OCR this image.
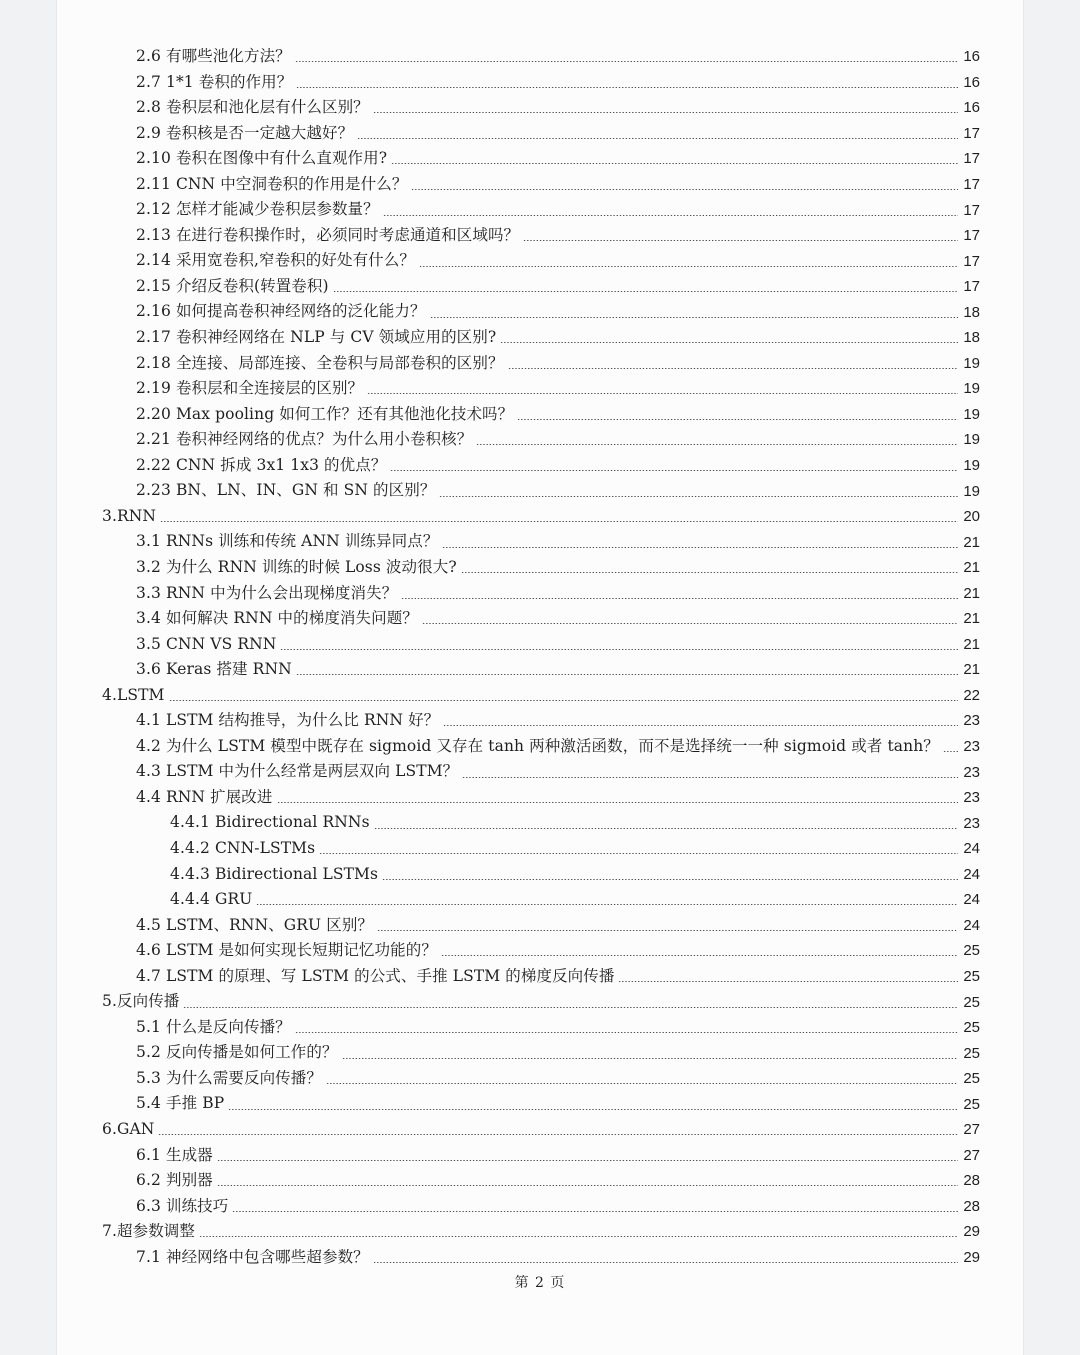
2.6 有哪些池化方法？	16
2.7 1*1 卷积的作用？	16
2.8 卷积层和池化层有什么区别？	16
2.9 卷积核是否一定越大越好？	17
2.10 卷积在图像中有什么直观作用?	17
2.11 CNN 中空洞卷积的作用是什么？	17
2.12 怎样才能减少卷积层参数量？	17
2.13 在进行卷积操作时，必须同时考虑通道和区域吗？	17
2.14 采用宽卷积,窄卷积的好处有什么？	17
2.15 介绍反卷积(转置卷积)	17
2.16 如何提高卷积神经网络的泛化能力？	18
2.17 卷积神经网络在 NLP 与 CV 领域应用的区别?	18
2.18 全连接、局部连接、全卷积与局部卷积的区别？	19
2.19 卷积层和全连接层的区别？	19
2.20 Max pooling 如何工作？还有其他池化技术吗？	19
2.21 卷积神经网络的优点？为什么用小卷积核？	19
2.22 CNN 拆成 3x1 1x3 的优点？	19
2.23 BN、LN、IN、GN 和 SN 的区别？	19
3.RNN	20
3.1 RNNs 训练和传统 ANN 训练异同点？	21
3.2 为什么 RNN 训练的时候 Loss 波动很大?	21
3.3 RNN 中为什么会出现梯度消失？	21
3.4 如何解决 RNN 中的梯度消失问题？	21
3.5 CNN VS RNN	21
3.6 Keras 搭建 RNN	21
4.LSTM	22
4.1 LSTM 结构推导，为什么比 RNN 好？	23
4.2 为什么 LSTM 模型中既存在 sigmoid 又存在 tanh 两种激活函数，而不是选择统一一种 sigmoid 或者 tanh？ 23
4.3 LSTM 中为什么经常是两层双向 LSTM？	23
4.4 RNN 扩展改进	23
4.4.1 Bidirectional RNNs	23
4.4.2 CNN-LSTMs	24
4.4.3 Bidirectional LSTMs	24
4.4.4 GRU	24
4.5 LSTM、RNN、GRU 区别？	24
4.6 LSTM 是如何实现长短期记忆功能的？	25
4.7 LSTM 的原理、写 LSTM 的公式、手推 LSTM 的梯度反向传播	25
5.反向传播	25
5.1 什么是反向传播？	25
5.2 反向传播是如何工作的？	25
5.3 为什么需要反向传播？	25
5.4 手推 BP	25
6.GAN	27
6.1 生成器	27
6.2 判别器	28
6.3 训练技巧	28
7.超参数调整	29
7.1 神经网络中包含哪些超参数？	29
第 2 页
